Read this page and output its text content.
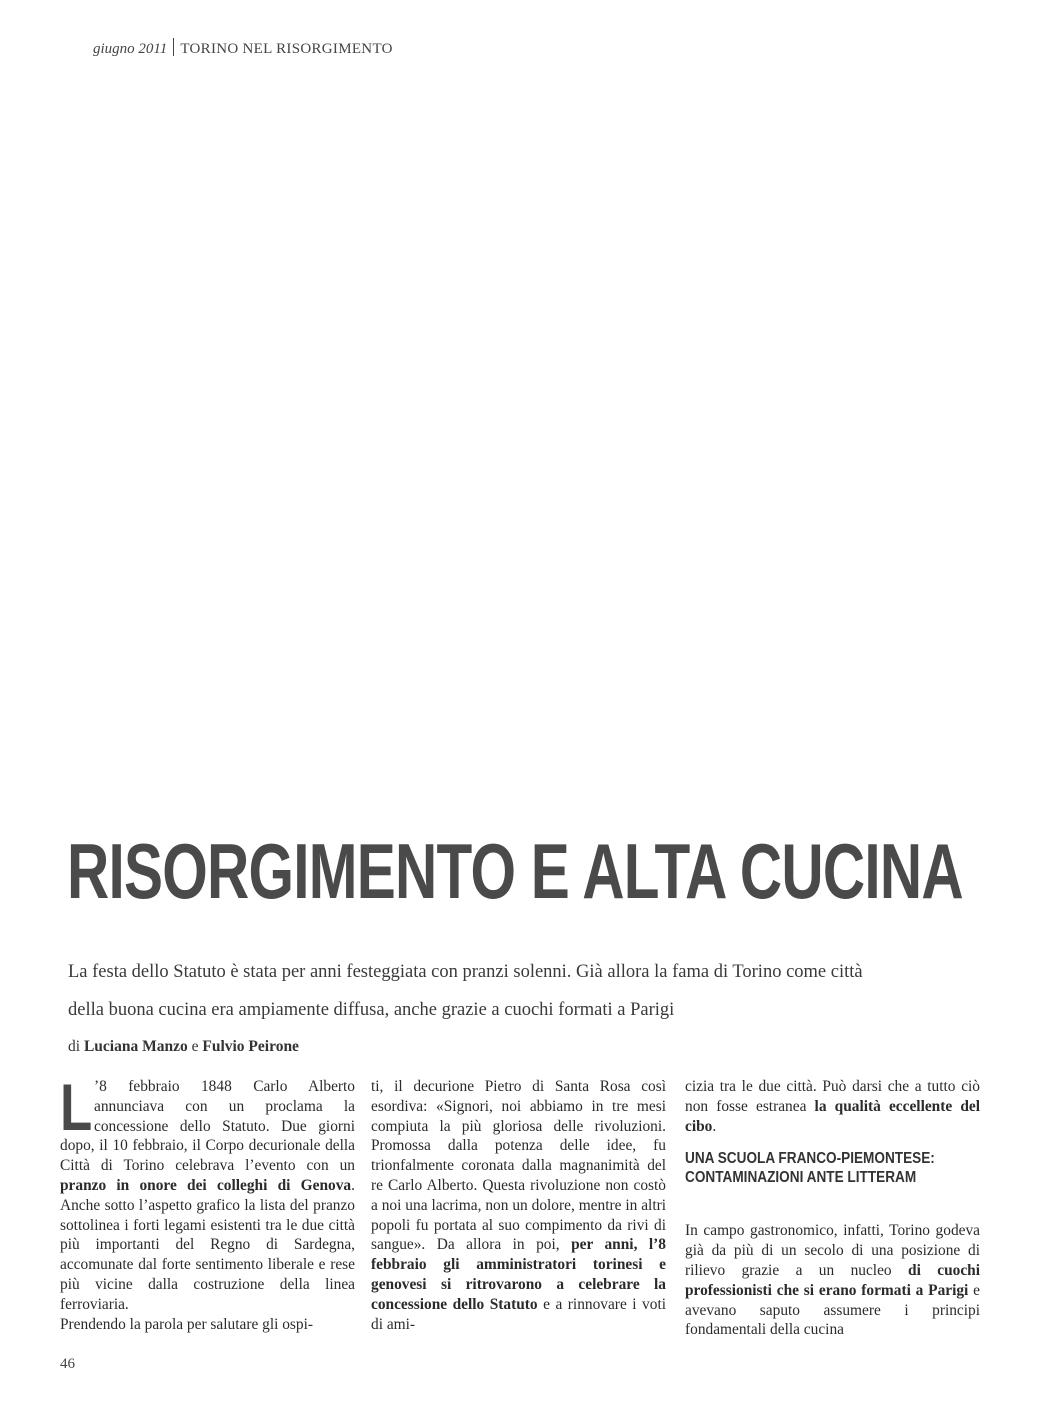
giugno 2011 TORINO NEL RISORGIMENTO
RISORGIMENTO E ALTA CUCINA
La festa dello Statuto è stata per anni festeggiata con pranzi solenni. Già allora la fama di Torino come città della buona cucina era ampiamente diffusa, anche grazie a cuochi formati a Parigi
di Luciana Manzo e Fulvio Peirone

L ’8 febbraio 1848 Carlo Alberto annunciava con un proclama la concessione dello Statuto. Due giorni dopo, il 10 febbraio, il Corpo decurionale della Città di Torino celebrava l’evento con un pranzo in onore dei colleghi di Genova. Anche sotto l’aspetto grafico la lista del pranzo sottolinea i forti legami esistenti tra le due città più importanti del Regno di Sardegna, accomunate dal forte sentimento liberale e rese più vicine dalla costruzione della linea ferroviaria.

Prendendo la parola per salutare gli ospi-

ti, il decurione Pietro di Santa Rosa così esordiva: «Signori, noi abbiamo in tre mesi compiuta la più gloriosa delle rivoluzioni. Promossa dalla potenza delle idee, fu trionfalmente coronata dalla magnanimità del re Carlo Alberto. Questa rivoluzione non costò a noi una lacrima, non un dolore, mentre in altri popoli fu portata al suo compimento da rivi di sangue». Da allora in poi, per anni, l’8 febbraio gli amministratori torinesi e genovesi si ritrovarono a celebrare la concessione dello Statuto e a rinnovare i voti di ami-

cizia tra le due città. Può darsi che a tutto ciò non fosse estranea la qualità eccellente del cibo.

UNA SCUOLA FRANCO-PIEMONTESE: CONTAMINAZIONI ANTE LITTERAM

In campo gastronomico, infatti, Torino godeva già da più di un secolo di una posizione di rilievo grazie a un nucleo di cuochi professionisti che si erano formati a Parigi e avevano saputo assumere i principi fondamentali della cucina

46
